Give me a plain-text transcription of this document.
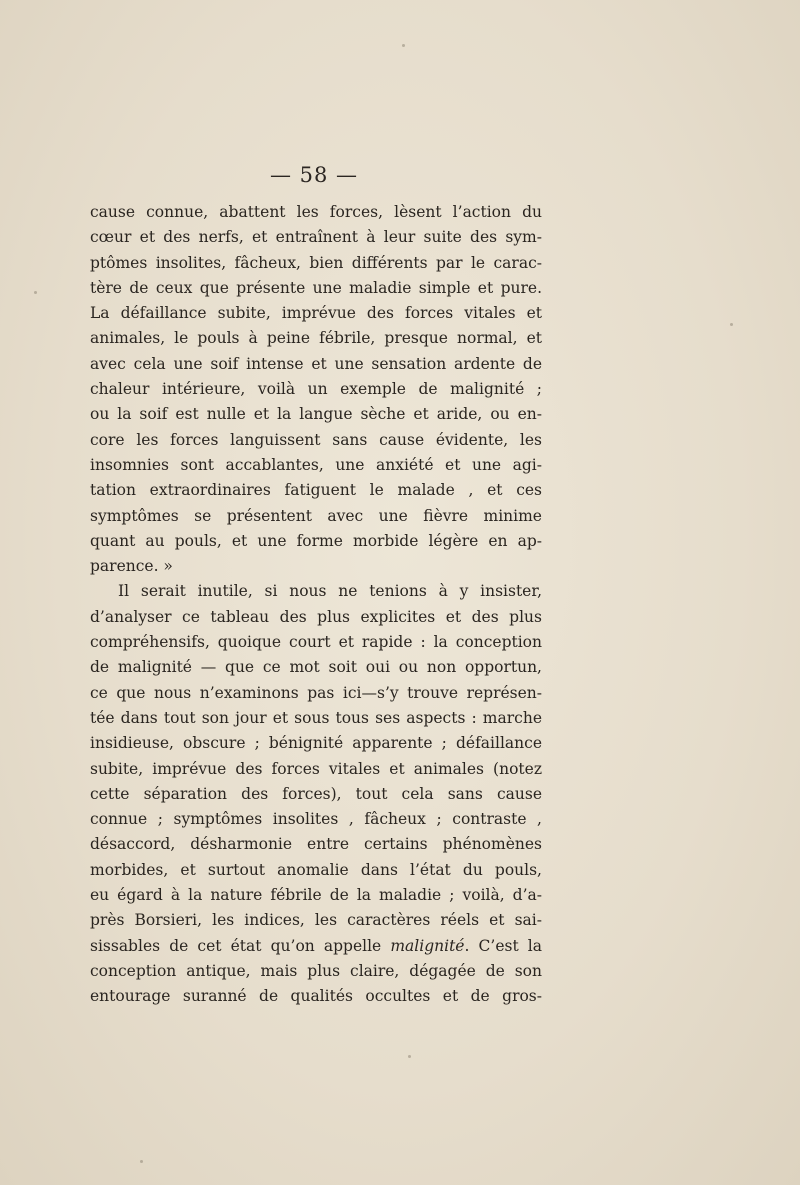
— 58 —
cause connue, abattent les forces, lèsent l’action du
cœur et des nerfs, et entraînent à leur suite des sym-
ptômes insolites, fâcheux, bien différents par le carac-
tère de ceux que présente une maladie simple et pure.
La défaillance subite, imprévue des forces vitales et
animales, le pouls à peine fébrile, presque normal, et
avec cela une soif intense et une sensation ardente de
chaleur intérieure, voilà un exemple de malignité ;
ou la soif est nulle et la langue sèche et aride, ou en-
core les forces languissent sans cause évidente, les
insomnies sont accablantes, une anxiété et une agi-
tation extraordinaires fatiguent le malade , et ces
symptômes se présentent avec une fièvre minime
quant au pouls, et une forme morbide légère en ap-
parence. »
Il serait inutile, si nous ne tenions à y insister,
d’analyser ce tableau des plus explicites et des plus
compréhensifs, quoique court et rapide : la conception
de malignité — que ce mot soit oui ou non opportun,
ce que nous n’examinons pas ici—s’y trouve représen-
tée dans tout son jour et sous tous ses aspects : marche
insidieuse, obscure ; bénignité apparente ; défaillance
subite, imprévue des forces vitales et animales (notez
cette séparation des forces), tout cela sans cause
connue ; symptômes insolites , fâcheux ; contraste ,
désaccord, désharmonie entre certains phénomènes
morbides, et surtout anomalie dans l’état du pouls,
eu égard à la nature fébrile de la maladie ; voilà, d’a-
près Borsieri, les indices, les caractères réels et sai-
sissables de cet état qu’on appelle malignité. C’est la
conception antique, mais plus claire, dégagée de son
entourage suranné de qualités occultes et de gros-
